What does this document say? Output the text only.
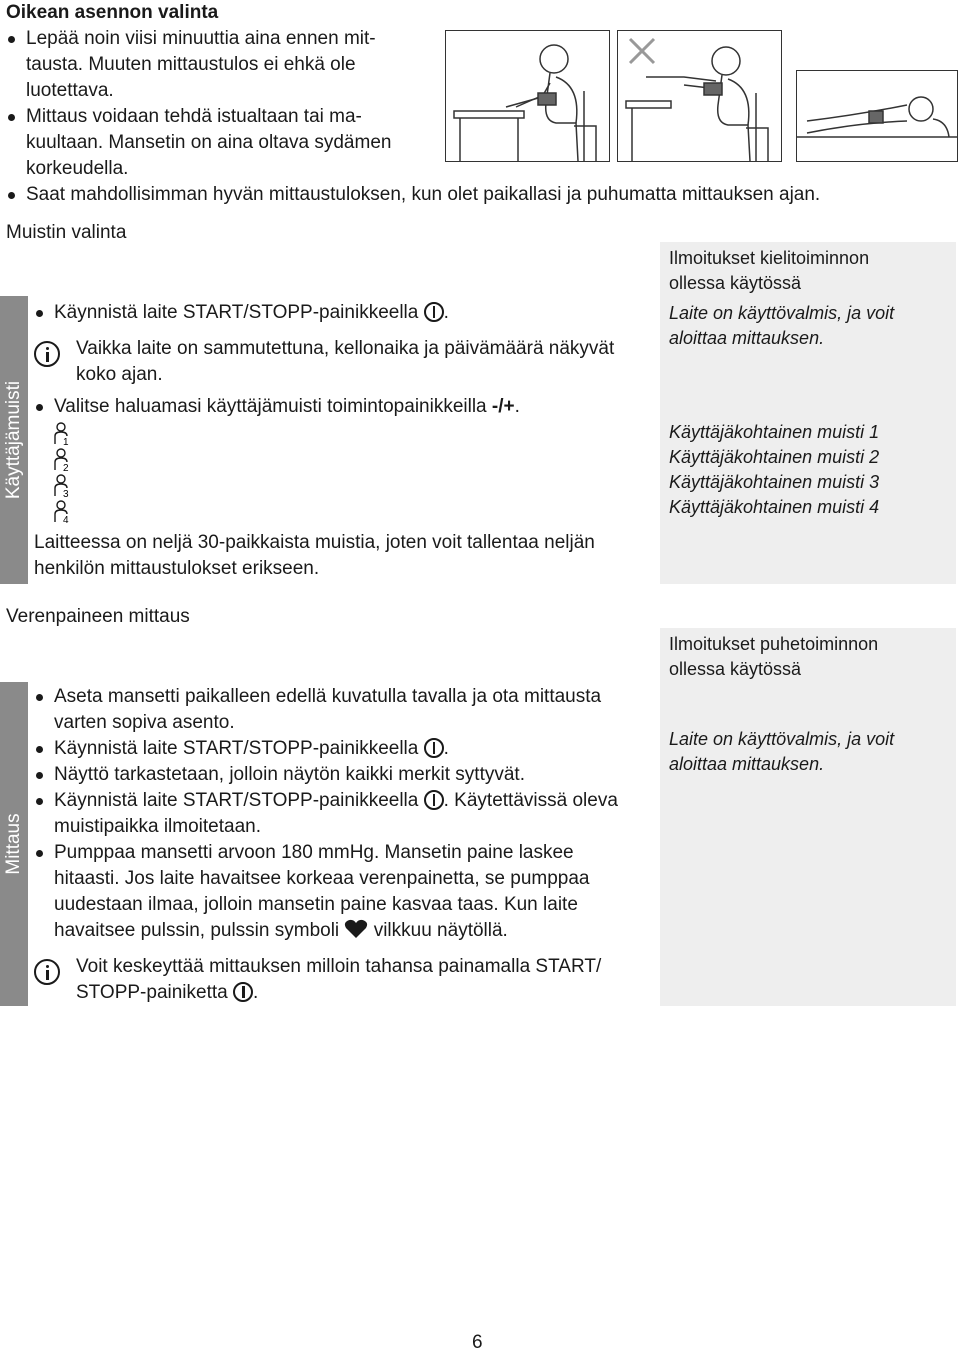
Oikean asennon valinta

Lepää noin viisi minuuttia aina ennen mit-
tausta. Muuten mittaustulos ei ehkä ole
luotettava.
Mittaus voidaan tehdä istualtaan tai ma-
kuultaan. Mansetin on aina oltava sydämen
korkeudella.
Saat mahdollisimman hyvän mittaustuloksen, kun olet paikallasi ja puhumatta mittauksen ajan.

Muistin valinta

Käyttäjämuisti
Käynnistä laite START/STOPP-painikkeella .

Vaikka laite on sammutettuna, kellonaika ja päivämäärä näkyvät
koko ajan.

Valitse haluamasi käyttäjämuisti toimintopainikkeilla -/+.
1
2
3
4

Laitteessa on neljä 30-paikkaista muistia, joten voit tallentaa neljän
henkilön mittaustulokset erikseen.

Ilmoitukset kielitoiminnon
ollessa käytössä

Laite on käyttövalmis, ja voit
aloittaa mittauksen.

Käyttäjäkohtainen muisti 1
Käyttäjäkohtainen muisti 2
Käyttäjäkohtainen muisti 3
Käyttäjäkohtainen muisti 4

Verenpaineen mittaus

Mittaus
Aseta mansetti paikalleen edellä kuvatulla tavalla ja ota mittausta
varten sopiva asento.
Käynnistä laite START/STOPP-painikkeella .
Näyttö tarkastetaan, jolloin näytön kaikki merkit syttyvät.
Käynnistä laite START/STOPP-painikkeella . Käytettävissä oleva
muistipaikka ilmoitetaan.
Pumppaa mansetti arvoon 180 mmHg. Mansetin paine laskee
hitaasti. Jos laite havaitsee korkeaa verenpainetta, se pumppaa
uudestaan ilmaa, jolloin mansetin paine kasvaa taas. Kun laite
havaitsee pulssin, pulssin symboli vilkkuu näytöllä.

Voit keskeyttää mittauksen milloin tahansa painamalla START/
STOPP-painiketta .

Ilmoitukset puhetoiminnon
ollessa käytössä

Laite on käyttövalmis, ja voit
aloittaa mittauksen.

6
